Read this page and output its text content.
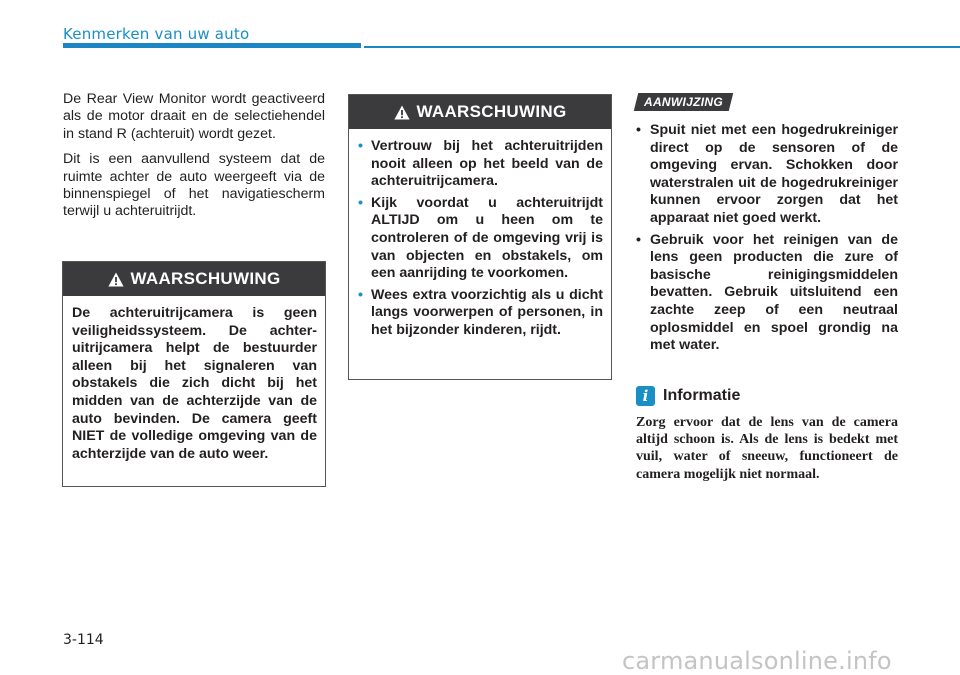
Kenmerken van uw auto

De Rear View Monitor wordt geactiveerd als de motor draait en de selectiehendel in stand R (achteruit) wordt gezet.

Dit is een aanvullend systeem dat de ruimte achter de auto weergeeft via de binnenspiegel of het navigatiescherm terwijl u achteruitrijdt.

WAARSCHUWING

De achteruitrijcamera is geen veiligheidssysteem. De achter-uitrijcamera helpt de bestuurder alleen bij het signaleren van obstakels die zich dicht bij het midden van de achterzijde van de auto bevinden. De camera geeft NIET de volledige omgeving van de achterzijde van de auto weer.

WAARSCHUWING
• Vertrouw bij het achteruitrijden nooit alleen op het beeld van de achteruitrijcamera.
• Kijk voordat u achteruitrijdt ALTIJD om u heen om te controleren of de omgeving vrij is van objecten en obstakels, om een aanrijding te voorkomen.
• Wees extra voorzichtig als u dicht langs voorwerpen of personen, in het bijzonder kinderen, rijdt.
AANWIJZING
• Spuit niet met een hogedrukreiniger direct op de sensoren of de omgeving ervan. Schokken door waterstralen uit de hogedrukreiniger kunnen ervoor zorgen dat het apparaat niet goed werkt.
• Gebruik voor het reinigen van de lens geen producten die zure of basische reinigingsmiddelen bevatten. Gebruik uitsluitend een zachte zeep of een neutraal oplosmiddel en spoel grondig na met water.
i Informatie
Zorg ervoor dat de lens van de camera altijd schoon is. Als de lens is bedekt met vuil, water of sneeuw, functioneert de camera mogelijk niet normaal.
3-114
carmanualsonline.info
